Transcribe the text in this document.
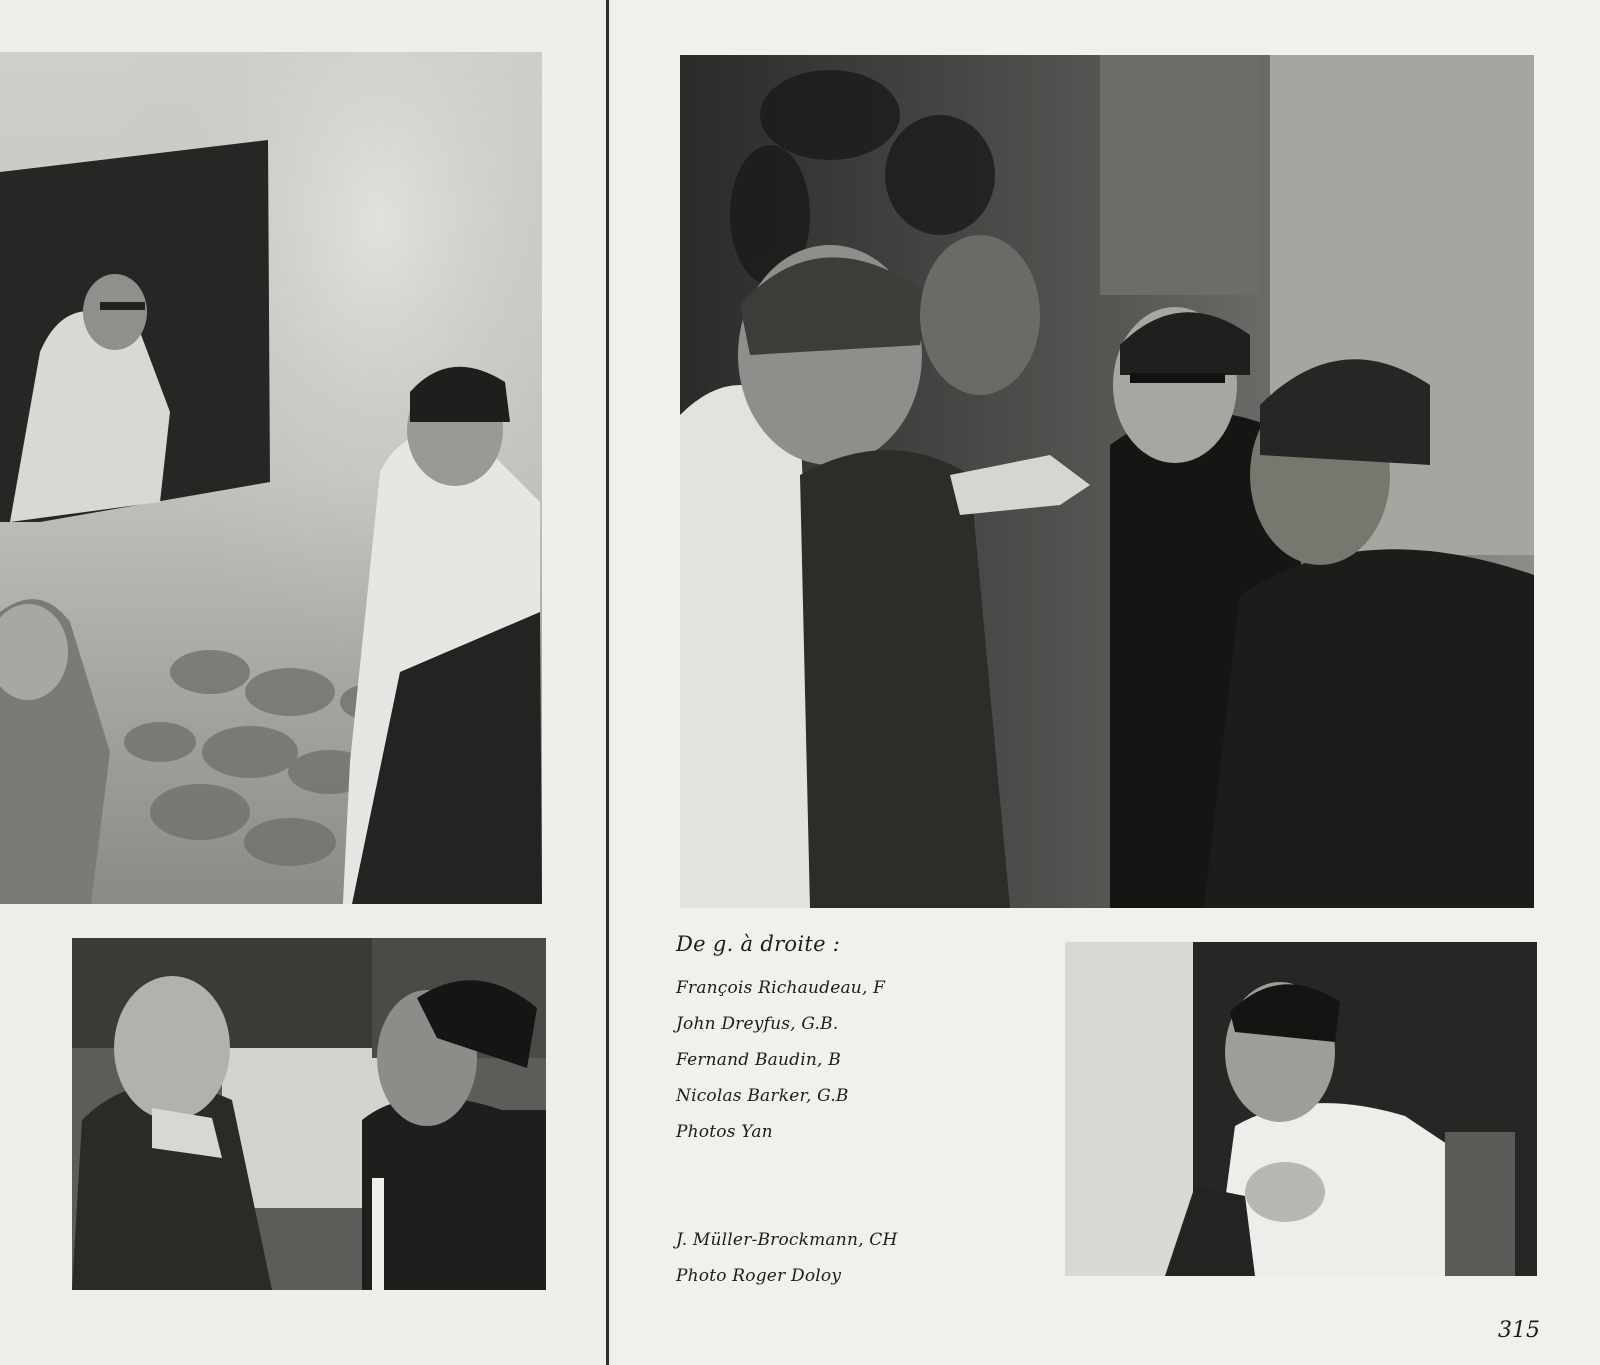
De g. à droite :
François Richaudeau, F
John Dreyfus, G.B.
Fernand Baudin, B
Nicolas Barker, G.B
Photos Yan
J. Müller-Brockmann, CH
Photo Roger Doloy
315
